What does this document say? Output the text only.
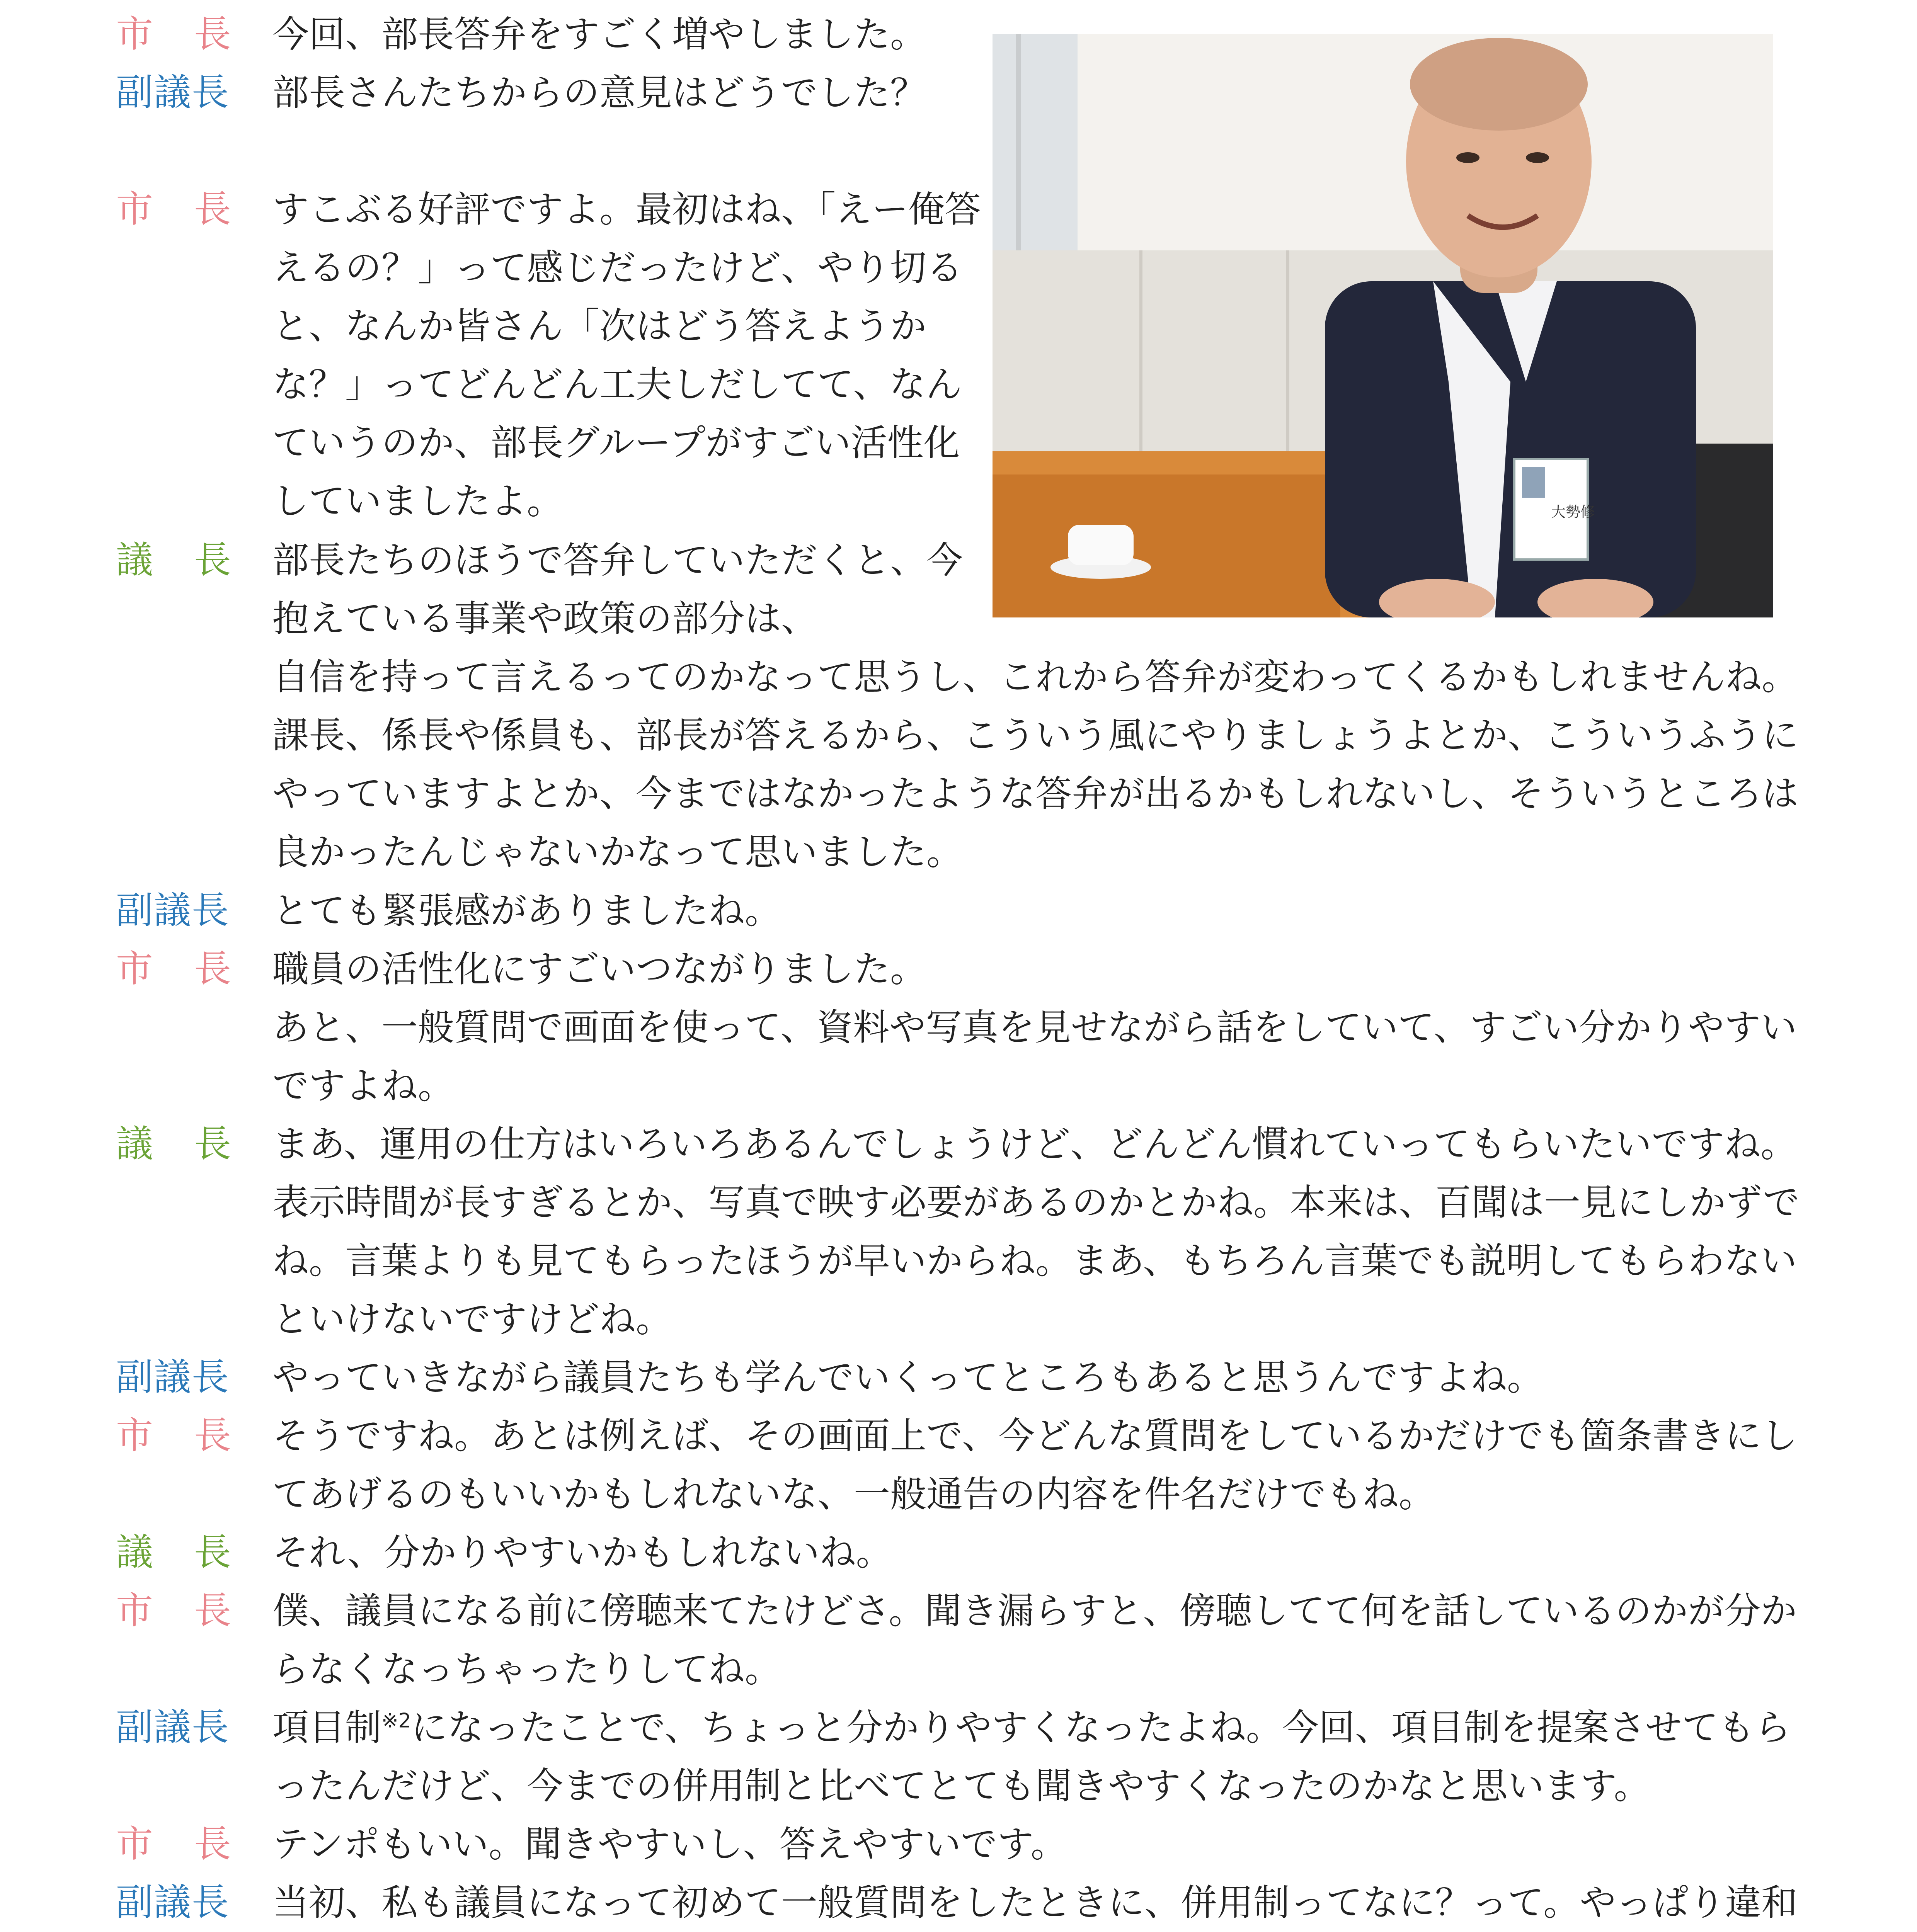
大勢修
市 長 今回、部長答弁をすごく増やしました。
副議長 部長さんたちからの意見はどうでした？
市 長 すこぶる好評ですよ。最初はね、「えー俺答えるの？」って感じだったけど、やり切ると、なんか皆さん「次はどう答えようかな？」ってどんどん工夫しだしてて、なんていうのか、部長グループがすごい活性化していましたよ。
議 長 部長たちのほうで答弁していただくと、今抱えている事業や政策の部分は、
自信を持って言えるってのかなって思うし、これから答弁が変わってくるかもしれませんね。課長、係長や係員も、部長が答えるから、こういう風にやりましょうよとか、こういうふうにやっていますよとか、今まではなかったような答弁が出るかもしれないし、そういうところは良かったんじゃないかなって思いました。
副議長 とても緊張感がありましたね。
市 長 職員の活性化にすごいつながりました。
あと、一般質問で画面を使って、資料や写真を見せながら話をしていて、すごい分かりやすいですよね。
議 長 まあ、運用の仕方はいろいろあるんでしょうけど、どんどん慣れていってもらいたいですね。表示時間が長すぎるとか、写真で映す必要があるのかとかね。本来は、百聞は一見にしかずでね。言葉よりも見てもらったほうが早いからね。まあ、もちろん言葉でも説明してもらわないといけないですけどね。
副議長 やっていきながら議員たちも学んでいくってところもあると思うんですよね。
市 長 そうですね。あとは例えば、その画面上で、今どんな質問をしているかだけでも箇条書きにしてあげるのもいいかもしれないな、一般通告の内容を件名だけでもね。
議 長 それ、分かりやすいかもしれないね。
市 長 僕、議員になる前に傍聴来てたけどさ。聞き漏らすと、傍聴してて何を話しているのかが分からなくなっちゃったりしてね。
副議長 項目制$^{※2}$になったことで、ちょっと分かりやすくなったよね。今回、項目制を提案させてもらったんだけど、今までの併用制と比べてとても聞きやすくなったのかなと思います。
市 長 テンポもいい。聞きやすいし、答えやすいです。
副議長 当初、私も議員になって初めて一般質問をしたときに、併用制ってなに？って。やっぱり違和
